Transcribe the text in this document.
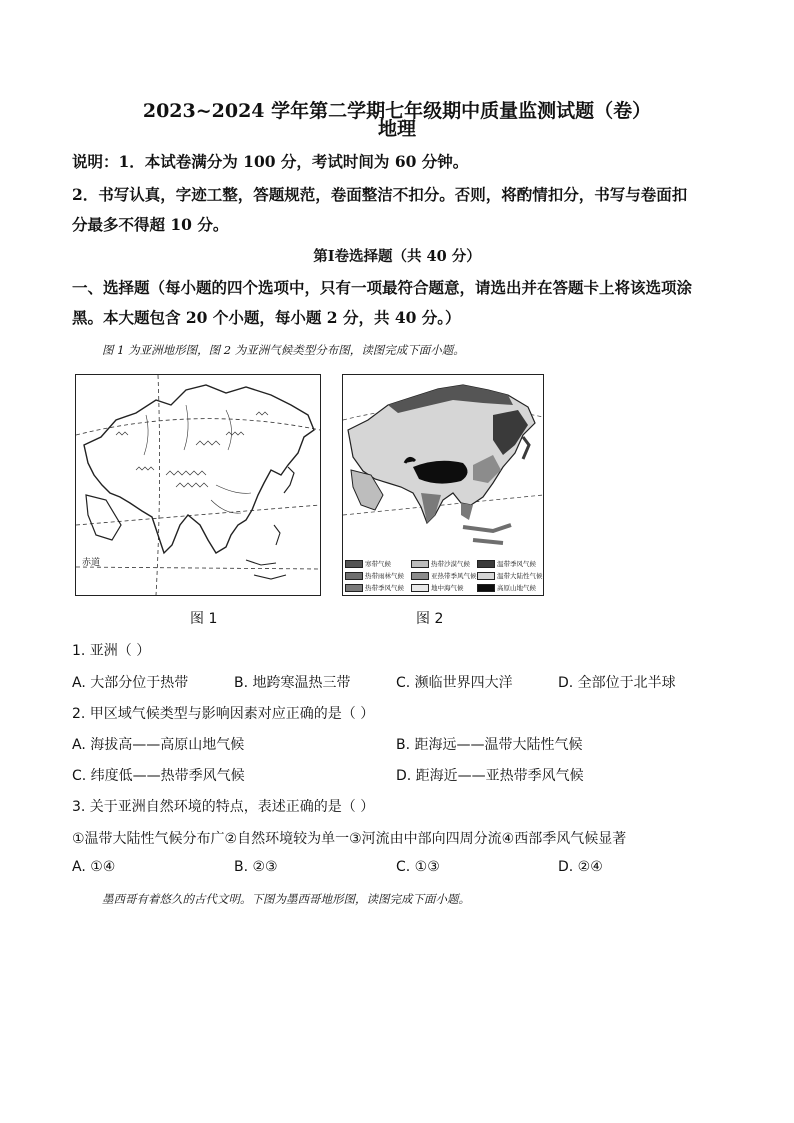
2023~2024 学年第二学期七年级期中质量监测试题（卷）
地理
说明：1．本试卷满分为 100 分，考试时间为 60 分钟。
2．书写认真，字迹工整，答题规范，卷面整洁不扣分。否则，将酌情扣分，书写与卷面扣
分最多不得超 10 分。
第Ⅰ卷选择题（共 40 分）
一、选择题（每小题的四个选项中，只有一项最符合题意，请选出并在答题卡上将该选项涂
黑。本大题包含 20 个小题，每小题 2 分，共 40 分。）
图 1 为亚洲地形图，图 2 为亚洲气候类型分布图，读图完成下面小题。
赤道	寒带气候	热带沙漠气候	温带季风气候
热带雨林气候	亚热带季风气候	温带大陆性气候
热带季风气候	地中海气候	高原山地气候
图 1	图 2
1. 亚洲（ ）
A. 大部分位于热带	B. 地跨寒温热三带	C. 濒临世界四大洋	D. 全部位于北半球
2. 甲区域气候类型与影响因素对应正确的是（ ）
A. 海拔高——高原山地气候	B. 距海远——温带大陆性气候
C. 纬度低——热带季风气候	D. 距海近——亚热带季风气候
3. 关于亚洲自然环境的特点，表述正确的是（ ）
①温带大陆性气候分布广②自然环境较为单一③河流由中部向四周分流④西部季风气候显著
A. ①④	B. ②③	C. ①③	D. ②④
墨西哥有着悠久的古代文明。下图为墨西哥地形图，读图完成下面小题。
